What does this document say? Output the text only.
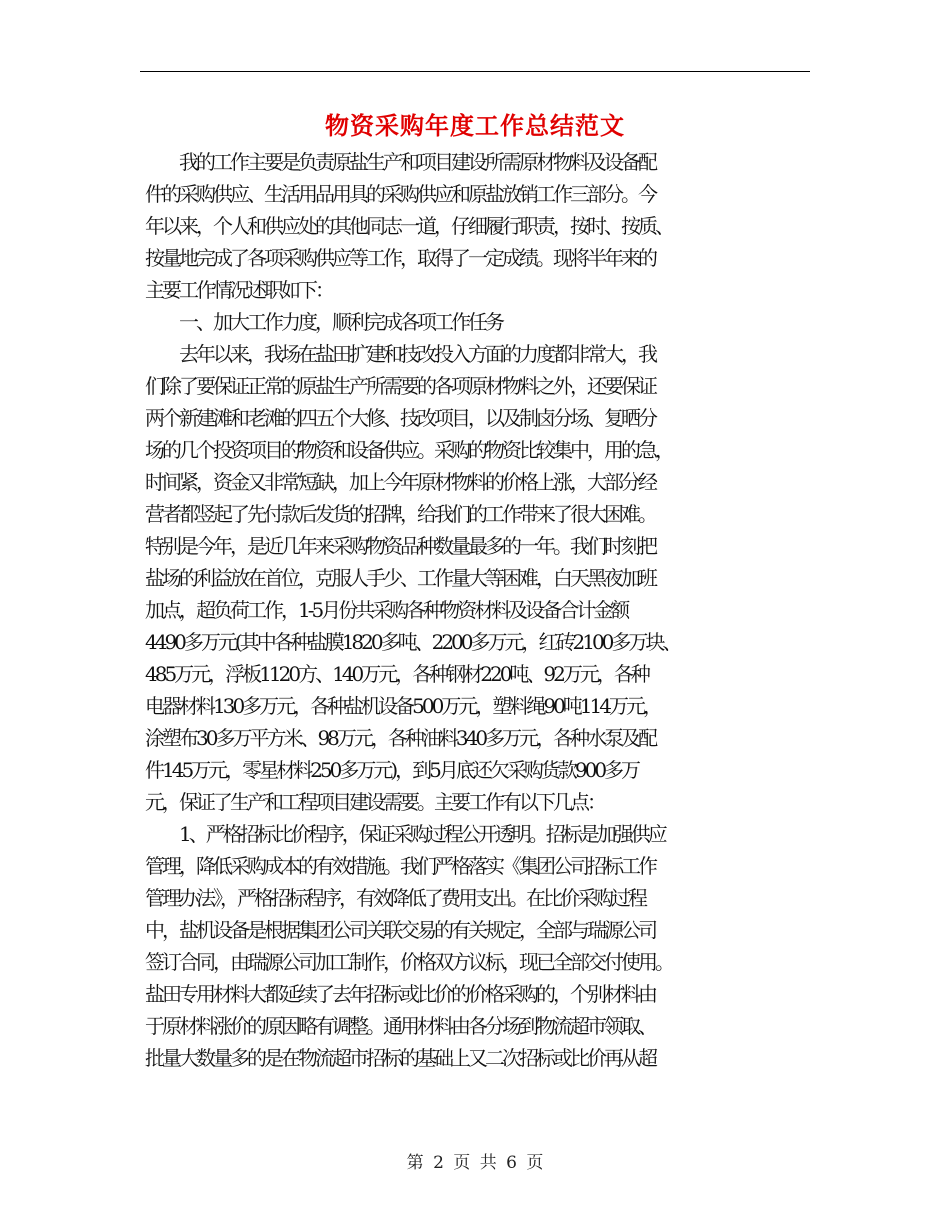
物资采购年度工作总结范文
　　我的工作主要是负责原盐生产和项目建设所需原材物料及设备配
件的采购供应、生活用品用具的采购供应和原盐放销工作三部分。今
年以来，个人和供应处的其他同志一道，仔细履行职责，按时、按质、
按量地完成了各项采购供应等工作，取得了一定成绩。现将半年来的
主要工作情况述职如下：
　　一、加大工作力度，顺利完成各项工作任务
　　去年以来，我场在盐田扩建和技改投入方面的力度都非常大，我
们除了要保证正常的原盐生产所需要的各项原材物料之外，还要保证
两个新建滩和老滩的四五个大修、技改项目，以及制卤分场、复晒分
场的几个投资项目的物资和设备供应。采购的物资比较集中，用的急，
时间紧，资金又非常短缺，加上今年原材物料的价格上涨，大部分经
营者都竖起了先付款后发货的招牌，给我们的工作带来了很大困难。
特别是今年，是近几年来采购物资品种数量最多的一年。我们时刻把
盐场的利益放在首位，克服人手少、工作量大等困难，白天黑夜加班
加点，超负荷工作，1-5月份共采购各种物资材料及设备合计金额
4490多万元(其中各种盐膜1820多吨、2200多万元，红砖2100多万块、
485万元，浮板1120方、140万元，各种钢材220吨、92万元，各种
电器材料130多万元，各种盐机设备500万元，塑料绳90吨114万元，
涂塑布30多万平方米、98万元，各种油料340多万元，各种水泵及配
件145万元，零星材料250多万元)，到5月底还欠采购货款900多万
元，保证了生产和工程项目建设需要。主要工作有以下几点：
　　1、严格招标比价程序，保证采购过程公开透明。招标是加强供应
管理，降低采购成本的有效措施。我们严格落实《集团公司招标工作
管理办法》，严格招标程序，有效降低了费用支出。在比价采购过程
中，盐机设备是根据集团公司关联交易的有关规定，全部与瑞源公司
签订合同，由瑞源公司加工制作，价格双方议标，现已全部交付使用。
盐田专用材料大都延续了去年招标或比价的价格采购的，个别材料由
于原材料涨价的原因略有调整。通用材料由各分场到物流超市领取、
批量大数量多的是在物流超市招标的基础上又二次招标或比价再从超
第 2 页 共 6 页
